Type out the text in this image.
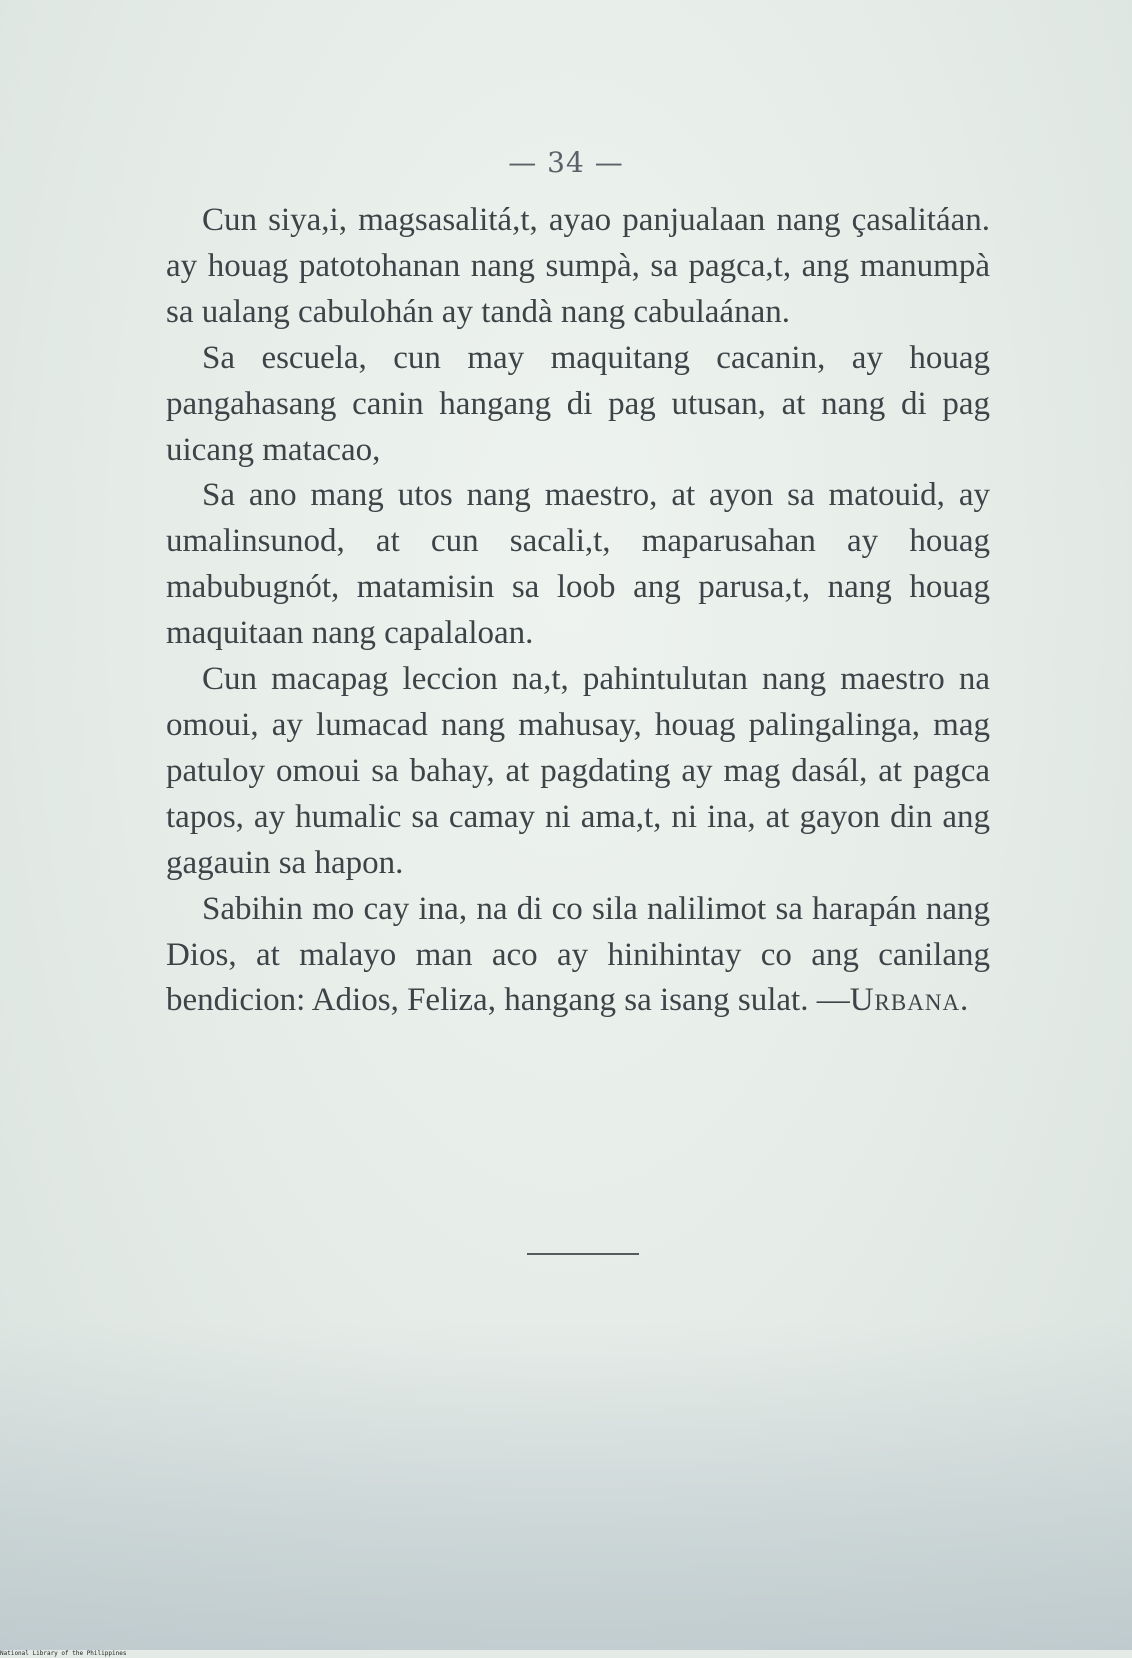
— 34 —

Cun siya,i, magsasalitá,t, ayao panjualaan nang çasalitáan. ay houag patotohanan nang sumpà, sa pagca,t, ang manumpà sa ualang cabulohán ay tandà nang cabulaánan.

Sa escuela, cun may maquitang cacanin, ay houag pangahasang canin hangang di pag utusan, at nang di pag uicang matacao,

Sa ano mang utos nang maestro, at ayon sa matouid, ay umalinsunod, at cun sacali,t, maparusahan ay houag mabubugnót, matamisin sa loob ang parusa,t, nang houag maquitaan nang capalaloan.

Cun macapag leccion na,t, pahintulutan nang maestro na omoui, ay lumacad nang mahusay, houag palingalinga, mag patuloy omoui sa bahay, at pagdating ay mag dasál, at pagca tapos, ay humalic sa camay ni ama,t, ni ina, at gayon din ang gagauin sa hapon.

Sabihin mo cay ina, na di co sila nalilimot sa harapán nang Dios, at malayo man aco ay hinihintay co ang canilang bendicion: Adios, Feliza, hangang sa isang sulat. —Urbana.

National Library of the Philippines
